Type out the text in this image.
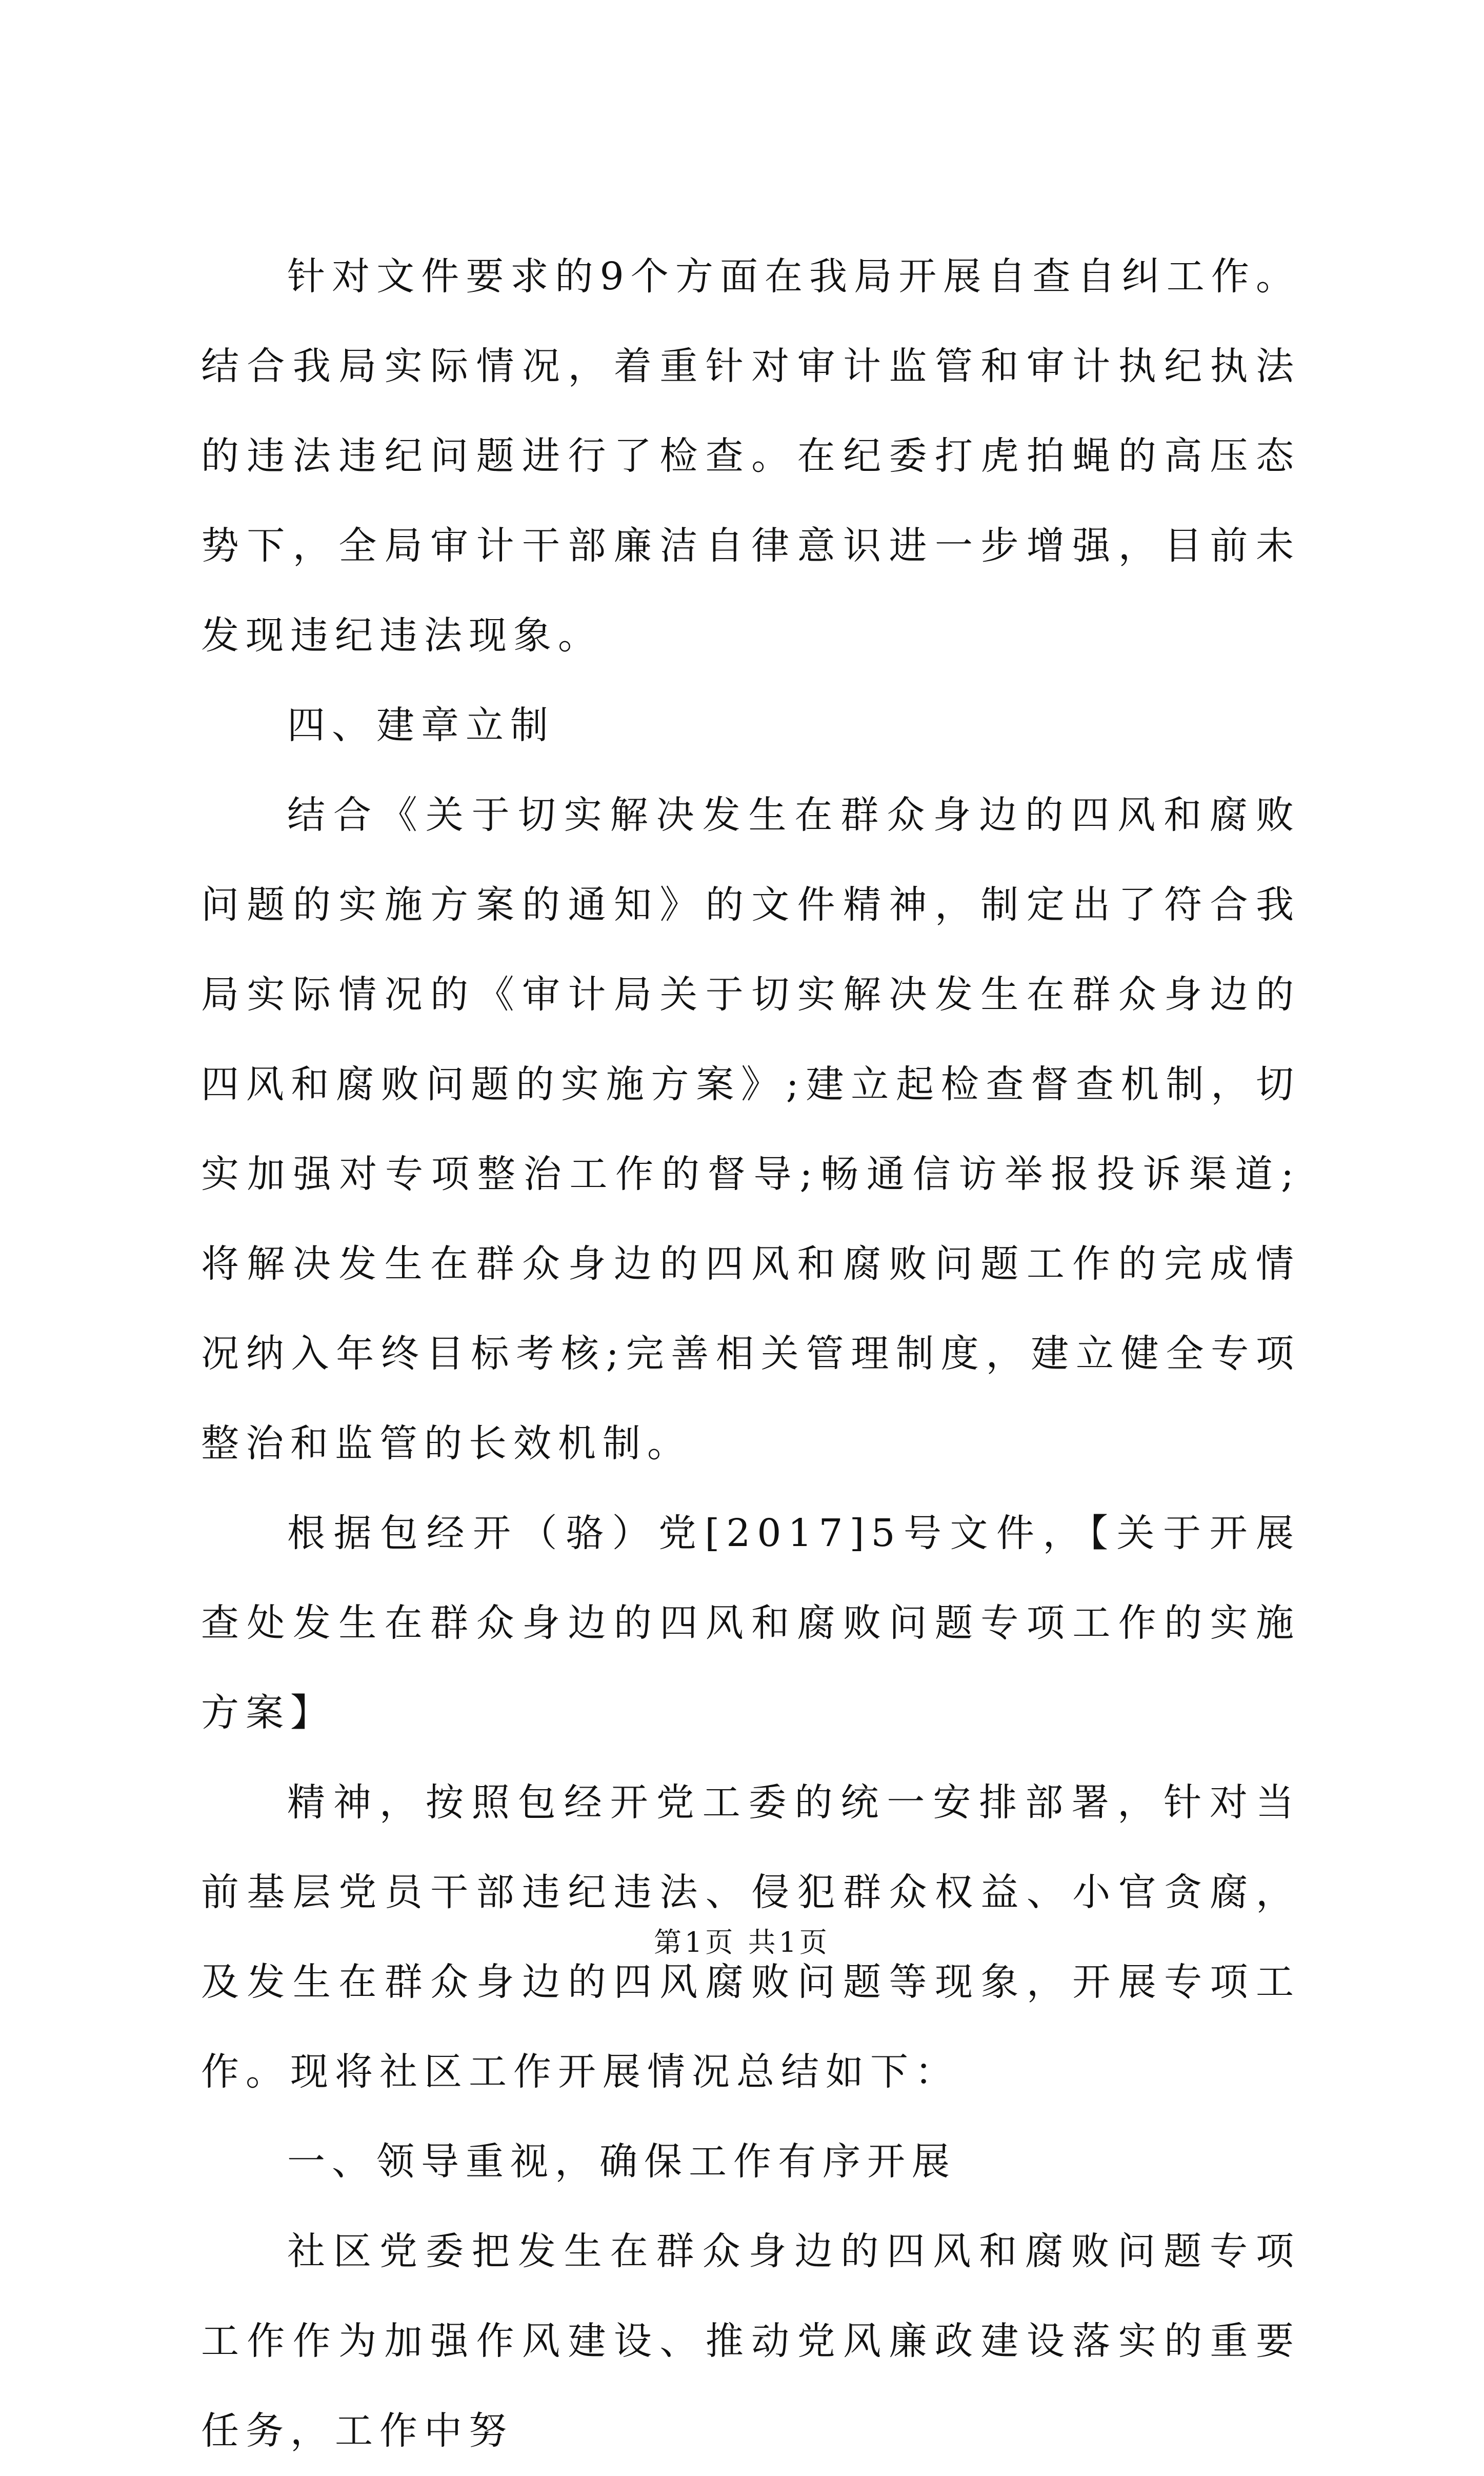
针对文件要求的9个方面在我局开展自查自纠工作。结合我局实际情况，着重针对审计监管和审计执纪执法的违法违纪问题进行了检查。在纪委打虎拍蝇的高压态势下，全局审计干部廉洁自律意识进一步增强，目前未发现违纪违法现象。

四、建章立制

结合《关于切实解决发生在群众身边的四风和腐败问题的实施方案的通知》的文件精神，制定出了符合我局实际情况的《审计局关于切实解决发生在群众身边的四风和腐败问题的实施方案》;建立起检查督查机制，切实加强对专项整治工作的督导;畅通信访举报投诉渠道;将解决发生在群众身边的四风和腐败问题工作的完成情况纳入年终目标考核;完善相关管理制度，建立健全专项整治和监管的长效机制。

根据包经开（骆）党[2017]5号文件，【关于开展查处发生在群众身边的四风和腐败问题专项工作的实施方案】

精神，按照包经开党工委的统一安排部署，针对当前基层党员干部违纪违法、侵犯群众权益、小官贪腐，及发生在群众身边的四风腐败问题等现象，开展专项工作。现将社区工作开展情况总结如下：

一、领导重视，确保工作有序开展

社区党委把发生在群众身边的四风和腐败问题专项工作作为加强作风建设、推动党风廉政建设落实的重要任务，工作中努

第1页 共1页
